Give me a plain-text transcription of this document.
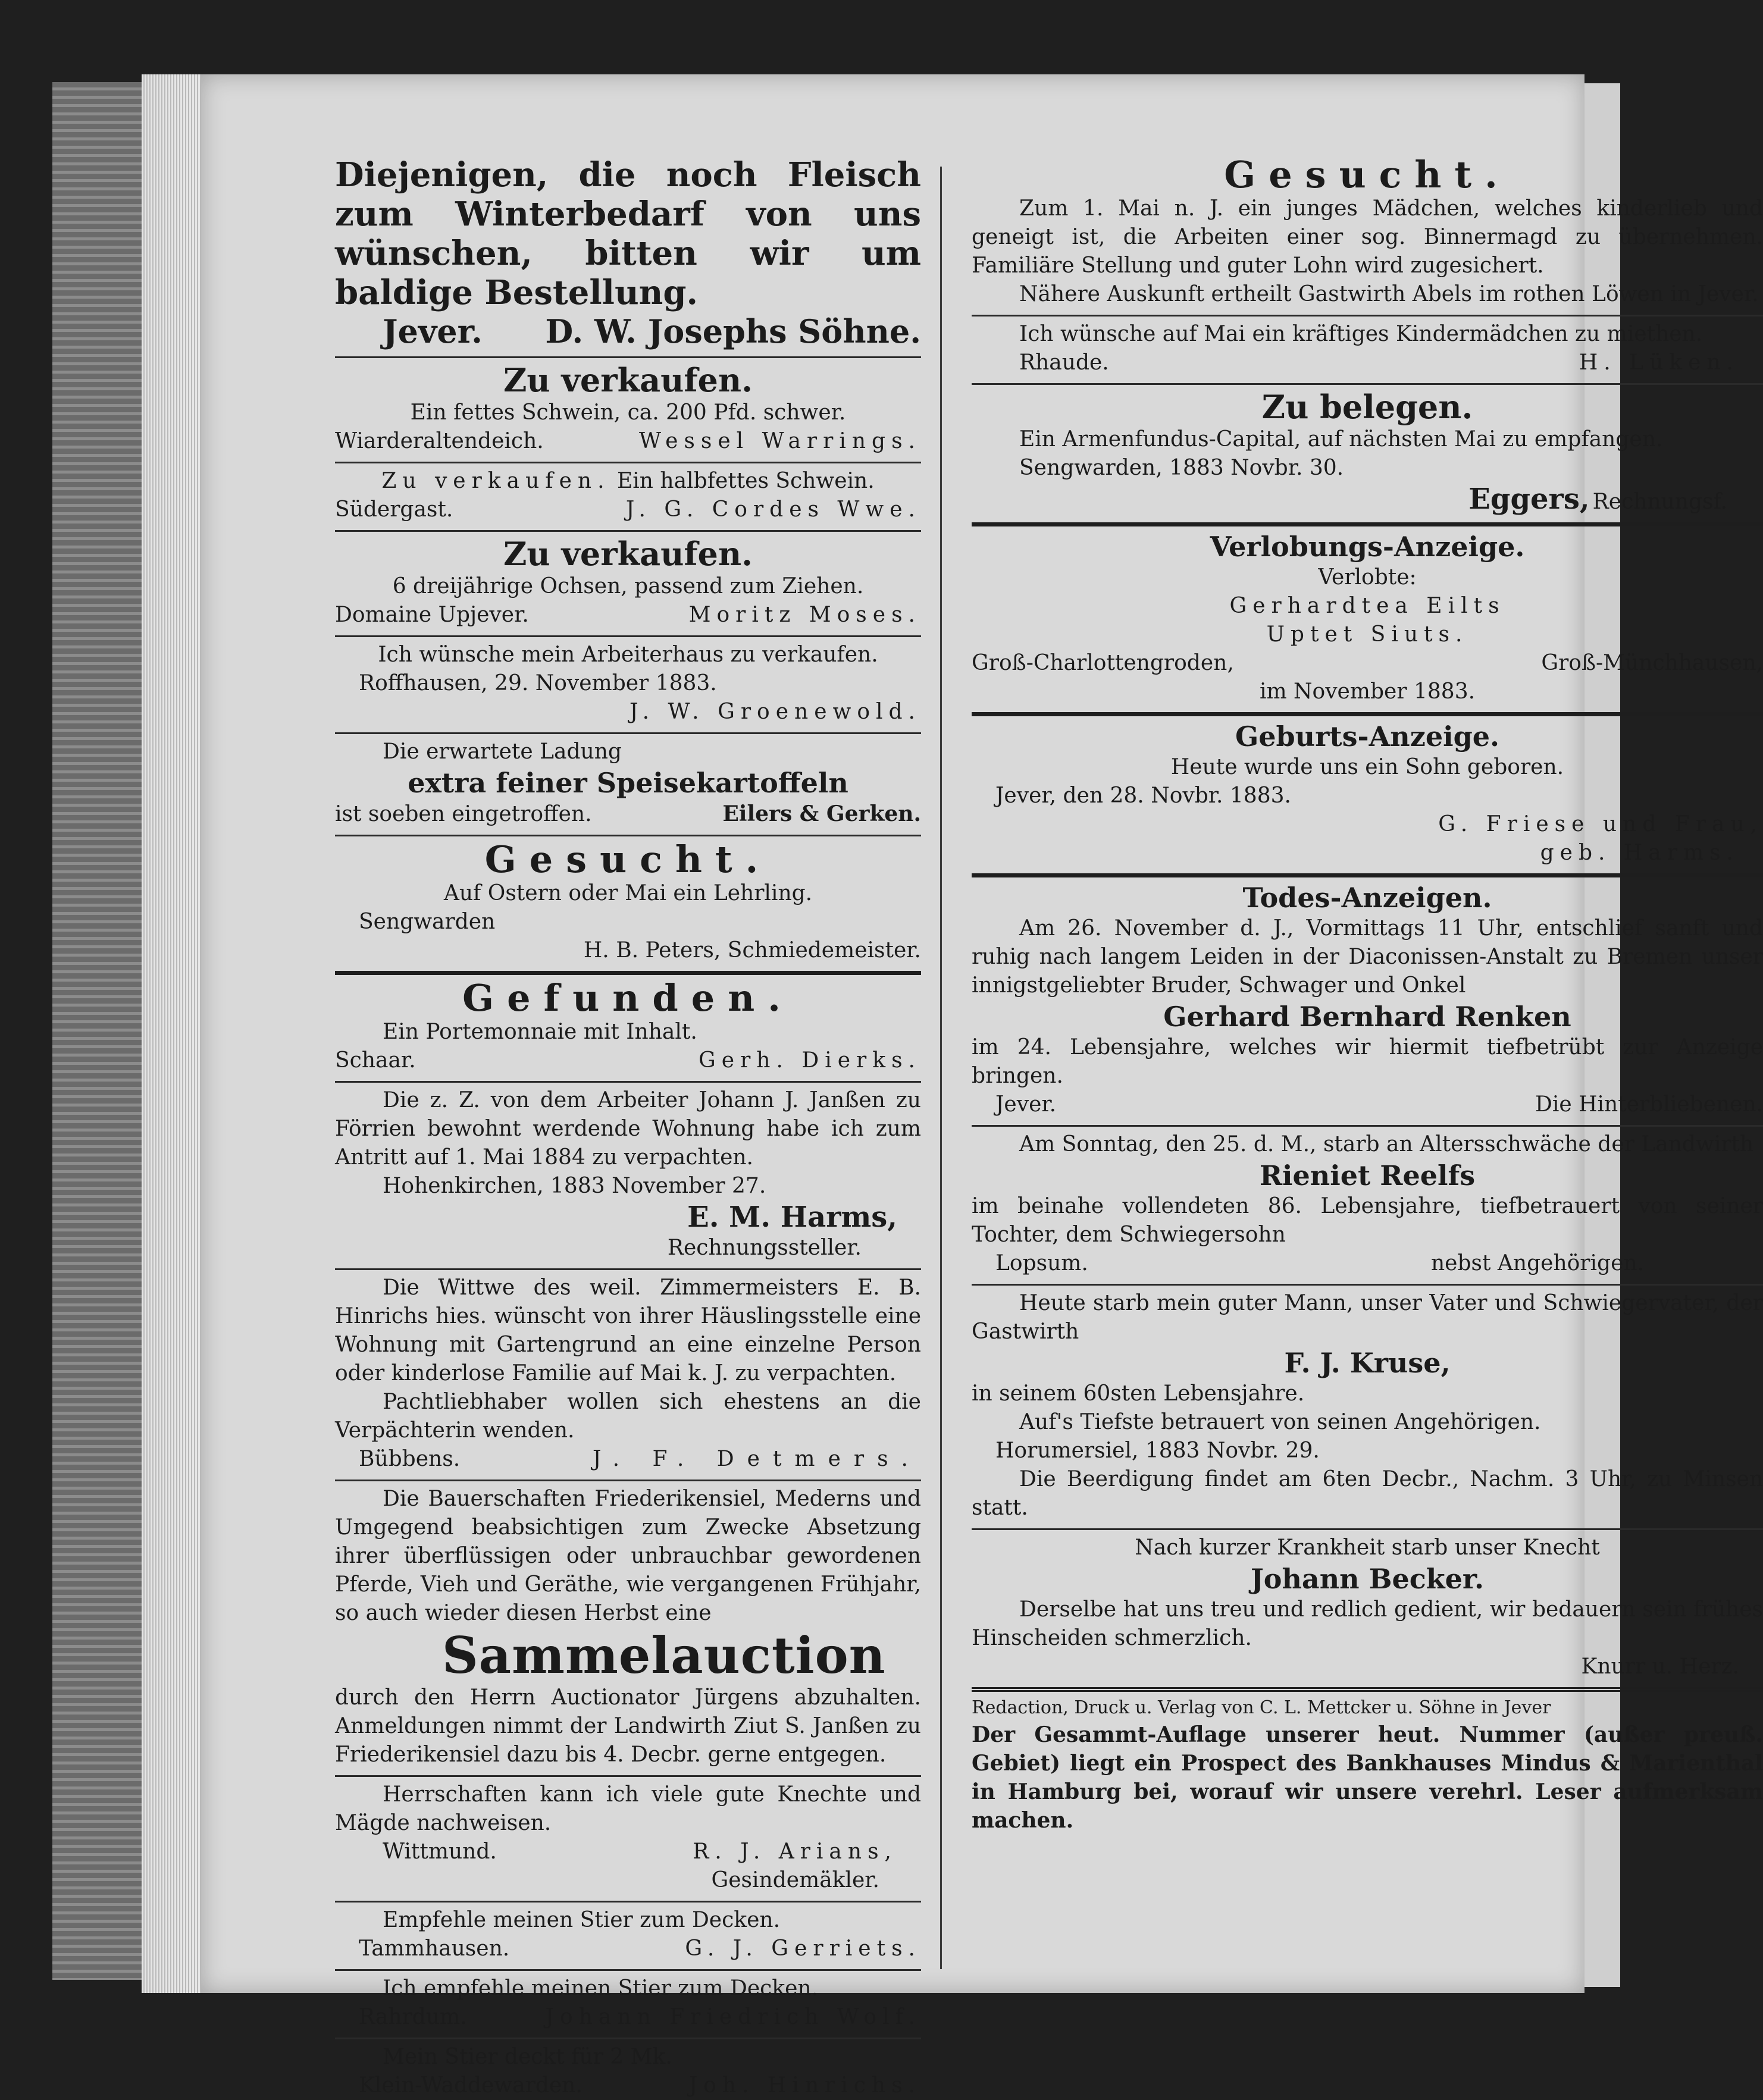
Diejenigen, die noch Fleisch zum Winterbedarf von uns wünschen, bitten wir um baldige Bestellung.
Jever. D. W. Josephs Söhne.
Zu verkaufen.
Ein fettes Schwein, ca. 200 Pfd. schwer.
Wiarderaltendeich.	Wessel Warrings.
Zu verkaufen. Ein halbfettes Schwein.
Südergast.	J. G. Cordes Wwe.
Zu verkaufen.
6 dreijährige Ochsen, passend zum Ziehen.
Domaine Upjever.	Moritz Moses.
Ich wünsche mein Arbeiterhaus zu verkaufen.
Roffhausen, 29. November 1883.
J. W. Groenewold.
Die erwartete Ladung
extra feiner Speisekartoffeln
ist soeben eingetroffen.	Eilers & Gerken.
Gesucht.
Auf Ostern oder Mai ein Lehrling.
Sengwarden
H. B. Peters, Schmiedemeister.
Gefunden.
Ein Portemonnaie mit Inhalt.
Schaar.	Gerh. Dierks.
Die z. Z. von dem Arbeiter Johann J. Janßen zu Förrien bewohnt werdende Wohnung habe ich zum Antritt auf 1. Mai 1884 zu verpachten.
Hohenkirchen, 1883 November 27.
E. M. Harms,
Rechnungssteller.
Die Wittwe des weil. Zimmermeisters E. B. Hinrichs hies. wünscht von ihrer Häuslingsstelle eine Wohnung mit Gartengrund an eine einzelne Person oder kinderlose Familie auf Mai k. J. zu verpachten.
Pachtliebhaber wollen sich ehestens an die Verpächterin wenden.
Bübbens.	J. F. Detmers.
Die Bauerschaften Friederikensiel, Mederns und Umgegend beabsichtigen zum Zwecke Absetzung ihrer überflüssigen oder unbrauchbar gewordenen Pferde, Vieh und Geräthe, wie vergangenen Frühjahr, so auch wieder diesen Herbst eine
Sammelauction
durch den Herrn Auctionator Jürgens abzuhalten. Anmeldungen nimmt der Landwirth Ziut S. Janßen zu Friederikensiel dazu bis 4. Decbr. gerne entgegen.
Herrschaften kann ich viele gute Knechte und Mägde nachweisen.
Wittmund.	R. J. Arians,
Gesindemäkler.
Empfehle meinen Stier zum Decken.
Tammhausen.	G. J. Gerriets.
Ich empfehle meinen Stier zum Decken.
Rahrdum.	Johann Friedrich Wolf.
Mein Stier deckt für 2 Mk.
Klein-Waddewarden.	Joh. Hinrichs.
Gesucht.
Zum 1. Mai n. J. ein junges Mädchen, welches kinderlieb und geneigt ist, die Arbeiten einer sog. Binnermagd zu übernehmen. Familiäre Stellung und guter Lohn wird zugesichert.
Nähere Auskunft ertheilt Gastwirth Abels im rothen Löwen in Jever.
Ich wünsche auf Mai ein kräftiges Kindermädchen zu miethen.
Rhaude.	H. Lüken.
Zu belegen.
Ein Armenfundus-Capital, auf nächsten Mai zu empfangen.
Sengwarden, 1883 Novbr. 30.
Eggers, Rechnungsf.
Verlobungs-Anzeige.
Verlobte:
Gerhardtea Eilts
Uptet Siuts.
Groß-Charlottengroden,	Groß-Münchhausen,
im November 1883.
Geburts-Anzeige.
Heute wurde uns ein Sohn geboren.
Jever, den 28. Novbr. 1883.
G. Friese und Frau,
geb. Harms.
Todes-Anzeigen.
Am 26. November d. J., Vormittags 11 Uhr, entschlief sanft und ruhig nach langem Leiden in der Diaconissen-Anstalt zu Bremen unser innigstgeliebter Bruder, Schwager und Onkel
Gerhard Bernhard Renken
im 24. Lebensjahre, welches wir hiermit tiefbetrübt zur Anzeige bringen.
Jever.	Die Hinterbliebenen.
Am Sonntag, den 25. d. M., starb an Altersschwäche der Landwirth
Rieniet Reelfs
im beinahe vollendeten 86. Lebensjahre, tiefbetrauert von seiner Tochter, dem Schwiegersohn
Lopsum.	nebst Angehörigen.
Heute starb mein guter Mann, unser Vater und Schwiegervater, der Gastwirth
F. J. Kruse,
in seinem 60sten Lebensjahre.
Auf's Tiefste betrauert von seinen Angehörigen.
Horumersiel, 1883 Novbr. 29.
Die Beerdigung findet am 6ten Decbr., Nachm. 3 Uhr, zu Minsen statt.
Nach kurzer Krankheit starb unser Knecht
Johann Becker.
Derselbe hat uns treu und redlich gedient, wir bedauern sein frühes Hinscheiden schmerzlich.
Knurr u. Herz.
Redaction, Druck u. Verlag von C. L. Mettcker u. Söhne in Jever
Der Gesammt-Auflage unserer heut. Nummer (außer preuß. Gebiet) liegt ein Prospect des Bankhauses Mindus & Marienthal in Hamburg bei, worauf wir unsere verehrl. Leser aufmerksam machen.
